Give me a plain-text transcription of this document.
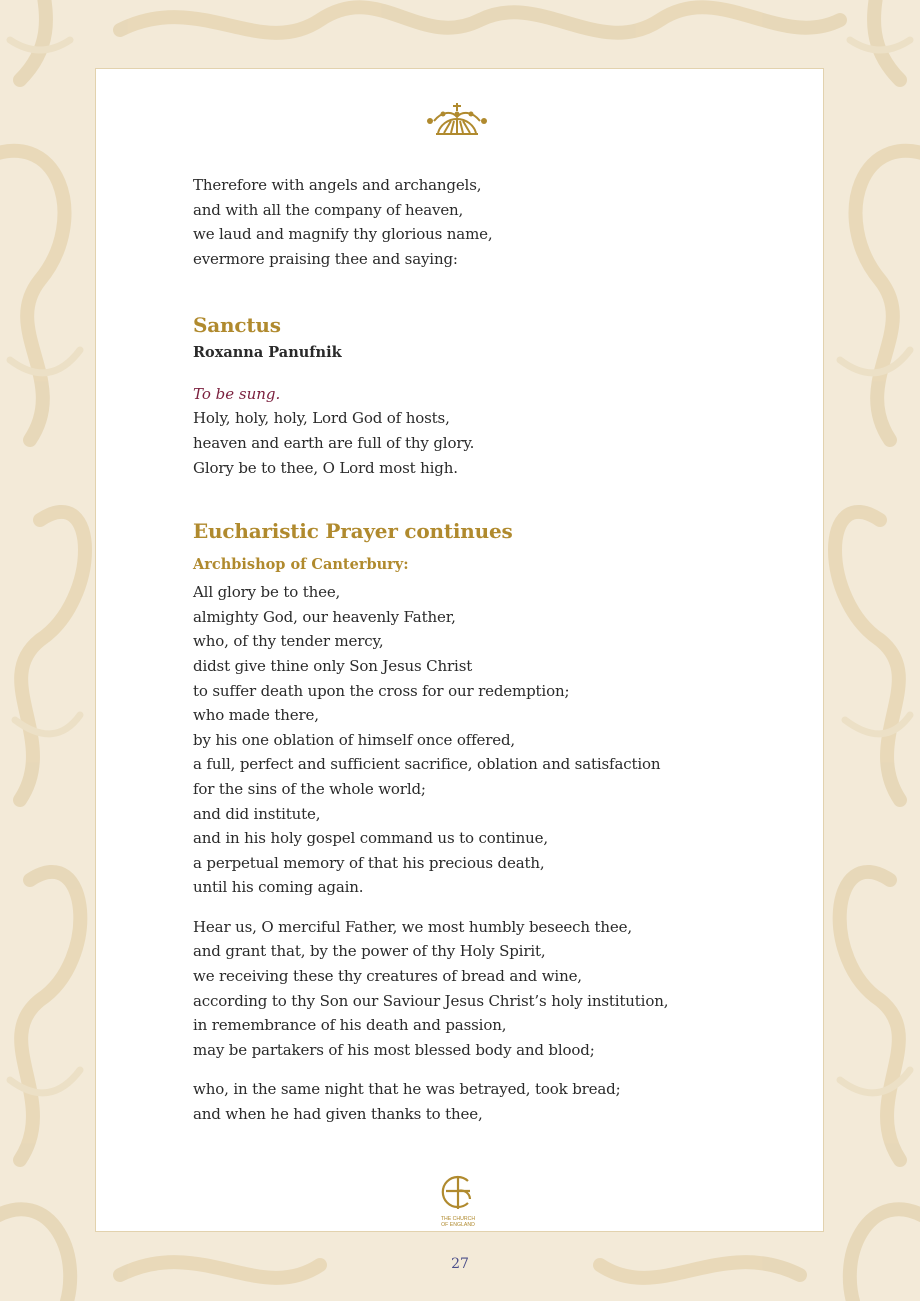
Therefore with angels and archangels,
and with all the company of heaven,
we laud and magnify thy glorious name,
evermore praising thee and saying:
Sanctus
Roxanna Panufnik
To be sung.
Holy, holy, holy, Lord God of hosts,
heaven and earth are full of thy glory.
Glory be to thee, O Lord most high.
Eucharistic Prayer continues
Archbishop of Canterbury:
All glory be to thee,
almighty God, our heavenly Father,
who, of thy tender mercy,
didst give thine only Son Jesus Christ
to suffer death upon the cross for our redemption;
who made there,
by his one oblation of himself once offered,
a full, perfect and sufficient sacrifice, oblation and satisfaction
for the sins of the whole world;
and did institute,
and in his holy gospel command us to continue,
a perpetual memory of that his precious death,
until his coming again.
Hear us, O merciful Father, we most humbly beseech thee,
and grant that, by the power of thy Holy Spirit,
we receiving these thy creatures of bread and wine,
according to thy Son our Saviour Jesus Christ’s holy institution,
in remembrance of his death and passion,
may be partakers of his most blessed body and blood;
who, in the same night that he was betrayed, took bread;
and when he had given thanks to thee,
THE CHURCH
OF ENGLAND
27
